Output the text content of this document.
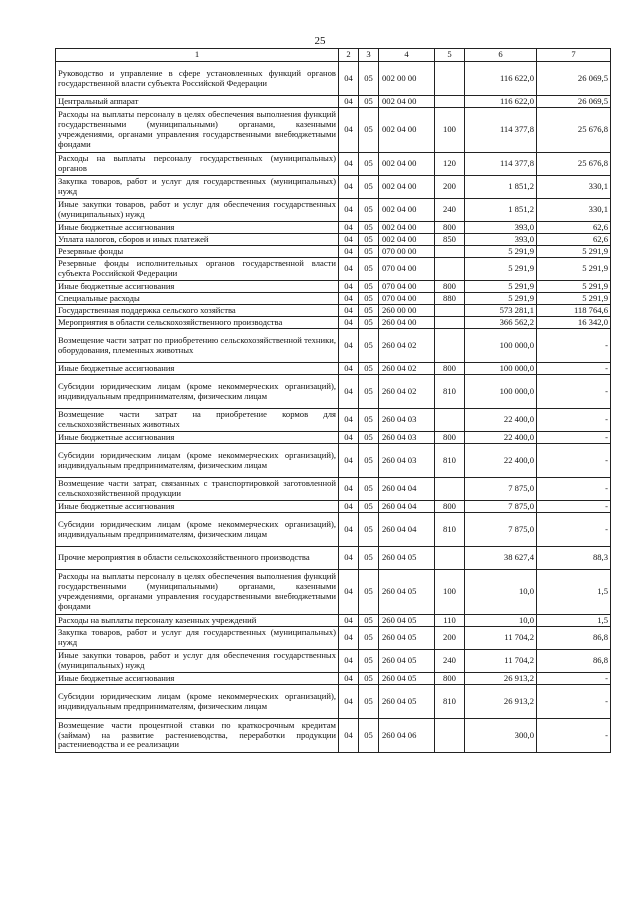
25
1	2	3	4	5	6	7
Руководство и управление в сфере установленных функций органов государственной власти субъекта Российской Федерации	04	05	002 00 00		116 622,0	26 069,5
Центральный аппарат	04	05	002 04 00		116 622,0	26 069,5
Расходы на выплаты персоналу в целях обеспечения выполнения функций государственными (муниципальными) органами, казенными учреждениями, органами управления государственными внебюджетными фондами	04	05	002 04 00	100	114 377,8	25 676,8
Расходы на выплаты персоналу государственных (муниципальных) органов	04	05	002 04 00	120	114 377,8	25 676,8
Закупка товаров, работ и услуг для государственных (муниципальных) нужд	04	05	002 04 00	200	1 851,2	330,1
Иные закупки товаров, работ и услуг для обеспечения государственных (муниципальных) нужд	04	05	002 04 00	240	1 851,2	330,1
Иные бюджетные ассигнования	04	05	002 04 00	800	393,0	62,6
Уплата налогов, сборов и иных платежей	04	05	002 04 00	850	393,0	62,6
Резервные фонды	04	05	070 00 00		5 291,9	5 291,9
Резервные фонды исполнительных органов государственной власти субъекта Российской Федерации	04	05	070 04 00		5 291,9	5 291,9
Иные бюджетные ассигнования	04	05	070 04 00	800	5 291,9	5 291,9
Специальные расходы	04	05	070 04 00	880	5 291,9	5 291,9
Государственная поддержка сельского хозяйства	04	05	260 00 00		573 281,1	118 764,6
Мероприятия в области сельскохозяйственного производства	04	05	260 04 00		366 562,2	16 342,0
Возмещение части затрат по приобретению сельскохозяйственной техники, оборудования, племенных животных	04	05	260 04 02		100 000,0	-
Иные бюджетные ассигнования	04	05	260 04 02	800	100 000,0	-
Субсидии юридическим лицам (кроме некоммерческих организаций), индивидуальным предпринимателям, физическим лицам	04	05	260 04 02	810	100 000,0	-
Возмещение части затрат на приобретение кормов для сельскохозяйственных животных	04	05	260 04 03		22 400,0	-
Иные бюджетные ассигнования	04	05	260 04 03	800	22 400,0	-
Субсидии юридическим лицам (кроме некоммерческих организаций), индивидуальным предпринимателям, физическим лицам	04	05	260 04 03	810	22 400,0	-
Возмещение части затрат, связанных с транспортировкой заготовленной сельскохозяйственной продукции	04	05	260 04 04		7 875,0	-
Иные бюджетные ассигнования	04	05	260 04 04	800	7 875,0	-
Субсидии юридическим лицам (кроме некоммерческих организаций), индивидуальным предпринимателям, физическим лицам	04	05	260 04 04	810	7 875,0	-
Прочие мероприятия в области сельскохозяйственного производства	04	05	260 04 05		38 627,4	88,3
Расходы на выплаты персоналу в целях обеспечения выполнения функций государственными (муниципальными) органами, казенными учреждениями, органами управления государственными внебюджетными фондами	04	05	260 04 05	100	10,0	1,5
Расходы на выплаты персоналу казенных учреждений	04	05	260 04 05	110	10,0	1,5
Закупка товаров, работ и услуг для государственных (муниципальных) нужд	04	05	260 04 05	200	11 704,2	86,8
Иные закупки товаров, работ и услуг для обеспечения государственных (муниципальных) нужд	04	05	260 04 05	240	11 704,2	86,8
Иные бюджетные ассигнования	04	05	260 04 05	800	26 913,2	-
Субсидии юридическим лицам (кроме некоммерческих организаций), индивидуальным предпринимателям, физическим лицам	04	05	260 04 05	810	26 913,2	-
Возмещение части процентной ставки по краткосрочным кредитам (займам) на развитие растениеводства, переработки продукции растениеводства и ее реализации	04	05	260 04 06		300,0	-
